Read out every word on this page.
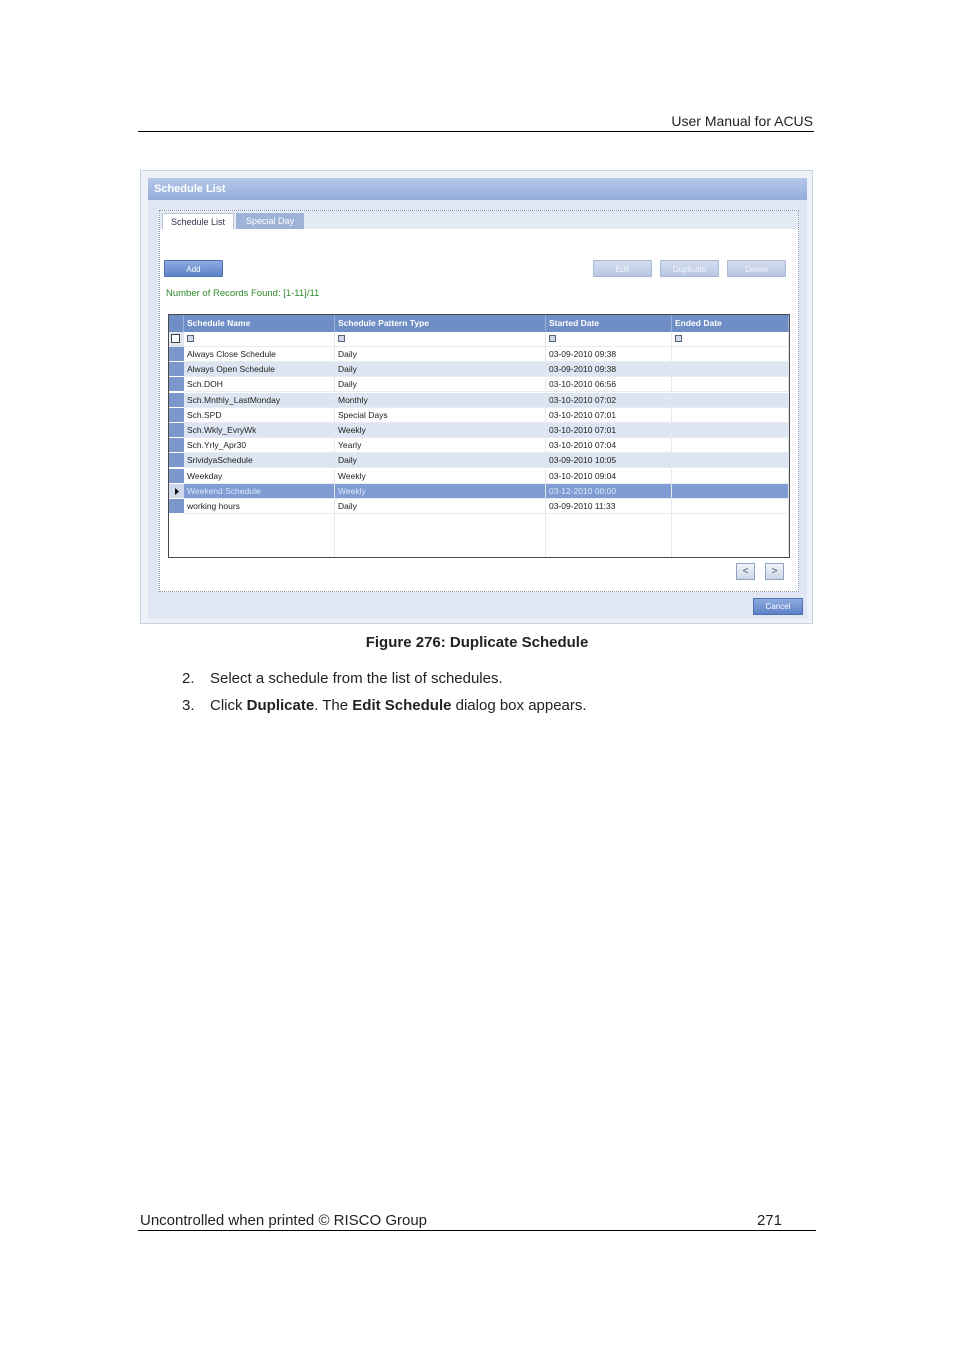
User Manual for ACUS
Schedule List
Schedule List	Special Day
Add	Edit	Duplicate	Delete
Number of Records Found: [1-11]/11
Schedule Name	Schedule Pattern Type	Started Date	Ended Date
Always Close Schedule	Daily	03-09-2010 09:38
Always Open Schedule	Daily	03-09-2010 09:38
Sch.DOH	Daily	03-10-2010 06:56
Sch.Mnthly_LastMonday	Monthly	03-10-2010 07:02
Sch.SPD	Special Days	03-10-2010 07:01
Sch.Wkly_EvryWk	Weekly	03-10-2010 07:01
Sch.Yrly_Apr30	Yearly	03-10-2010 07:04
SrividyaSchedule	Daily	03-09-2010 10:05
Weekday	Weekly	03-10-2010 09:04
Weekend Schedule	Weekly	03-12-2010 00:00
working hours	Daily	03-09-2010 11:33
<	>
Cancel
Figure 276: Duplicate Schedule
2. Select a schedule from the list of schedules.
3. Click Duplicate. The Edit Schedule dialog box appears.
Uncontrolled when printed © RISCO Group	271
